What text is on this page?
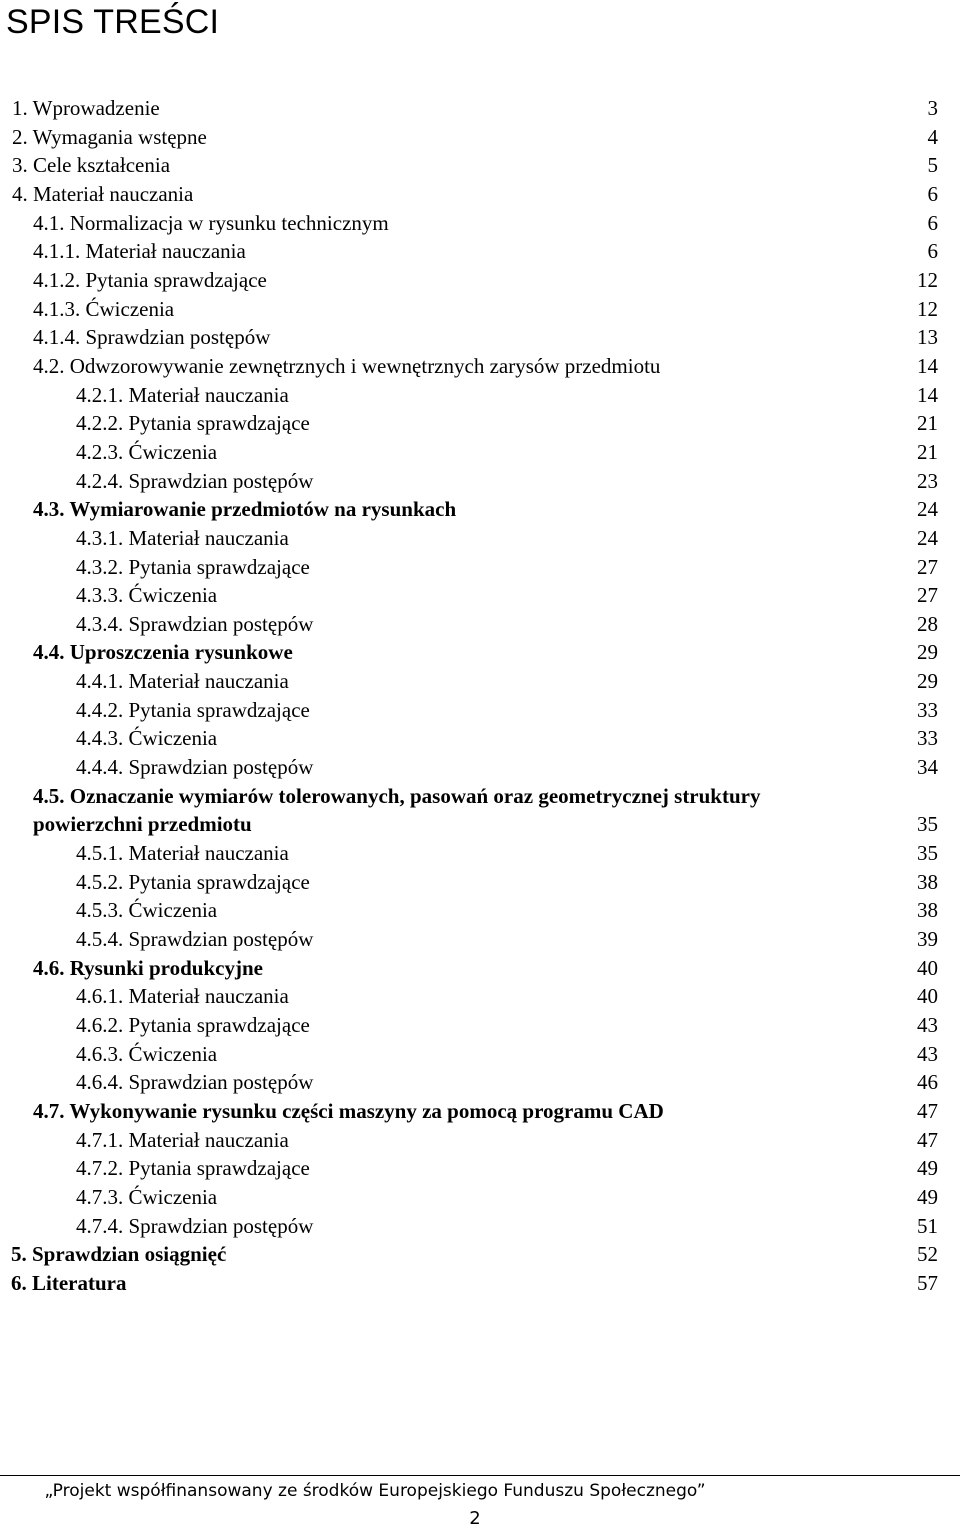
SPIS TREŚCI
1. Wprowadzenie	3
2. Wymagania wstępne	4
3. Cele kształcenia	5
4. Materiał nauczania	6
4.1. Normalizacja w rysunku technicznym	6
4.1.1. Materiał nauczania	6
4.1.2. Pytania sprawdzające	12
4.1.3. Ćwiczenia	12
4.1.4. Sprawdzian postępów	13
4.2. Odwzorowywanie zewnętrznych i wewnętrznych zarysów przedmiotu	14
4.2.1. Materiał nauczania	14
4.2.2. Pytania sprawdzające	21
4.2.3. Ćwiczenia	21
4.2.4. Sprawdzian postępów	23
4.3. Wymiarowanie przedmiotów na rysunkach	24
4.3.1. Materiał nauczania	24
4.3.2. Pytania sprawdzające	27
4.3.3. Ćwiczenia	27
4.3.4. Sprawdzian postępów	28
4.4. Uproszczenia rysunkowe	29
4.4.1. Materiał nauczania	29
4.4.2. Pytania sprawdzające	33
4.4.3. Ćwiczenia	33
4.4.4. Sprawdzian postępów	34
4.5. Oznaczanie wymiarów tolerowanych, pasowań oraz geometrycznej struktury powierzchni przedmiotu	35
4.5.1. Materiał nauczania	35
4.5.2. Pytania sprawdzające	38
4.5.3. Ćwiczenia	38
4.5.4. Sprawdzian postępów	39
4.6. Rysunki produkcyjne	40
4.6.1. Materiał nauczania	40
4.6.2. Pytania sprawdzające	43
4.6.3. Ćwiczenia	43
4.6.4. Sprawdzian postępów	46
4.7. Wykonywanie rysunku części maszyny za pomocą programu CAD	47
4.7.1. Materiał nauczania	47
4.7.2. Pytania sprawdzające	49
4.7.3. Ćwiczenia	49
4.7.4. Sprawdzian postępów	51
5. Sprawdzian osiągnięć	52
6. Literatura	57
„Projekt współfinansowany ze środków Europejskiego Funduszu Społecznego”
2
